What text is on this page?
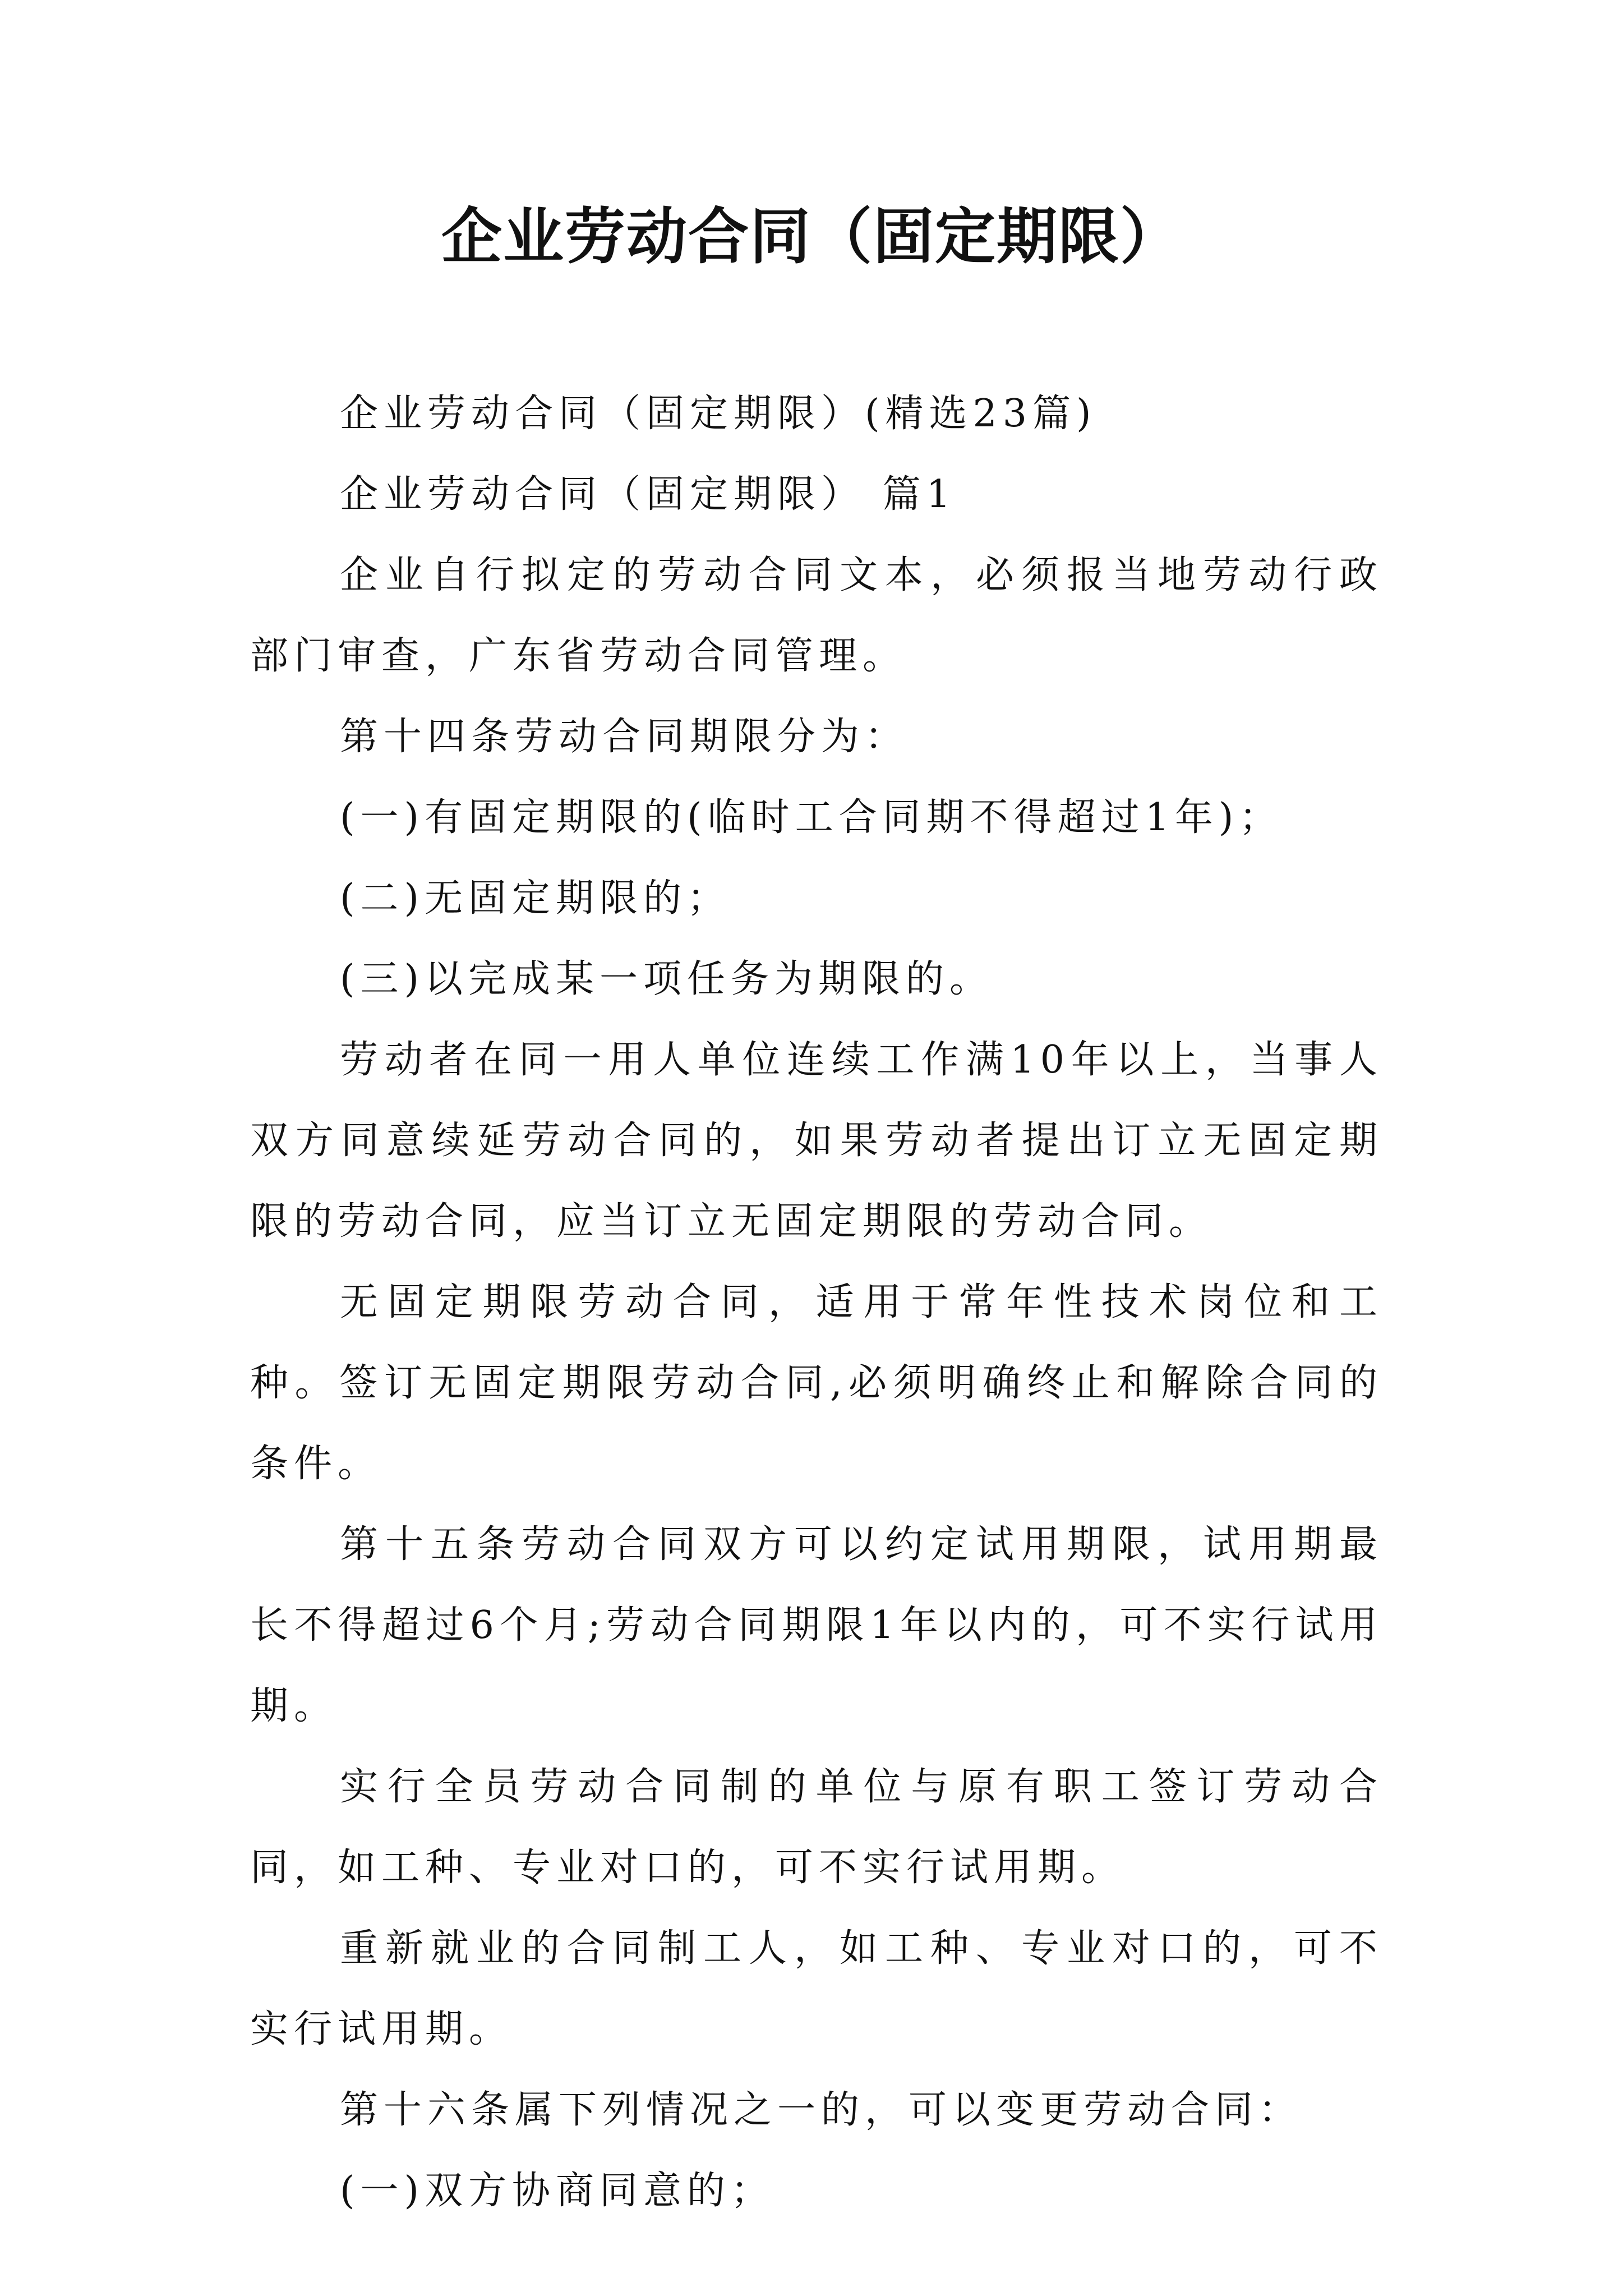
企业劳动合同（固定期限）

企业劳动合同（固定期限）(精选23篇)

企业劳动合同（固定期限） 篇1

企业自行拟定的劳动合同文本，必须报当地劳动行政部门审查，广东省劳动合同管理。

第十四条劳动合同期限分为：

(一)有固定期限的(临时工合同期不得超过1年)；

(二)无固定期限的；

(三)以完成某一项任务为期限的。

劳动者在同一用人单位连续工作满10年以上，当事人双方同意续延劳动合同的，如果劳动者提出订立无固定期限的劳动合同，应当订立无固定期限的劳动合同。

无固定期限劳动合同，适用于常年性技术岗位和工种。签订无固定期限劳动合同,必须明确终止和解除合同的条件。

第十五条劳动合同双方可以约定试用期限，试用期最长不得超过6个月;劳动合同期限1年以内的，可不实行试用期。

实行全员劳动合同制的单位与原有职工签订劳动合同，如工种、专业对口的，可不实行试用期。

重新就业的合同制工人，如工种、专业对口的，可不实行试用期。

第十六条属下列情况之一的，可以变更劳动合同：

(一)双方协商同意的；
